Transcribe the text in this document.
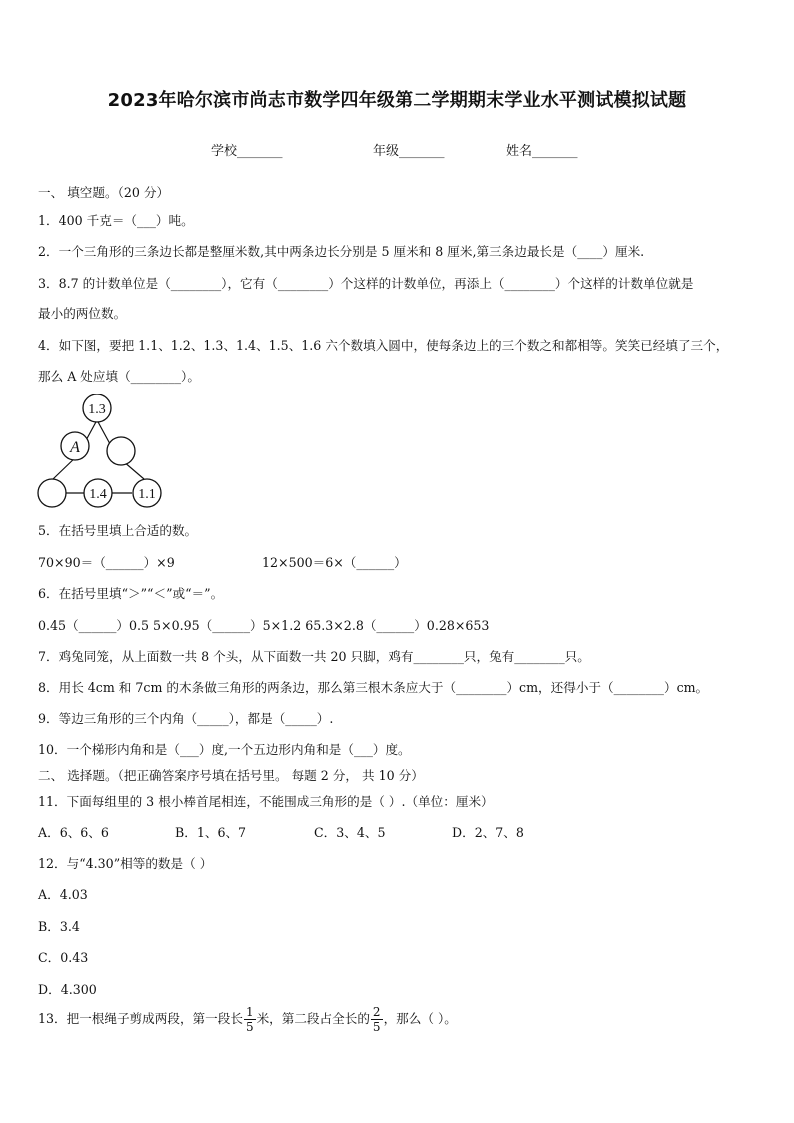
2023年哈尔滨市尚志市数学四年级第二学期期末学业水平测试模拟试题
学校_______	年级_______	姓名_______
一、 填空题。（20 分）
1．400 千克＝（___）吨。
2．一个三角形的三条边长都是整厘米数,其中两条边长分别是 5 厘米和 8 厘米,第三条边最长是（____）厘米.
3．8.7 的计数单位是（________），它有（________）个这样的计数单位，再添上（________）个这样的计数单位就是
最小的两位数。
4．如下图，要把 1.1、1.2、1.3、1.4、1.5、1.6 六个数填入圆中，使每条边上的三个数之和都相等。笑笑已经填了三个，
那么 A 处应填（________）。
1.3
A
1.4 1.1
5．在括号里填上合适的数。
70×90＝（______）×9	12×500＝6×（______）
6．在括号里填“＞”“＜”或“＝”。
0.45（______）0.5 5×0.95（______）5×1.2 65.3×2.8（______）0.28×653
7．鸡兔同笼，从上面数一共 8 个头，从下面数一共 20 只脚，鸡有________只，兔有________只。
8．用长 4cm 和 7cm 的木条做三角形的两条边，那么第三根木条应大于（________）cm，还得小于（________）cm。
9．等边三角形的三个内角（_____），都是（_____）.
10．一个梯形内角和是（___）度,一个五边形内角和是（___）度。
二、 选择题。（把正确答案序号填在括号里。 每题 2 分， 共 10 分）
11．下面每组里的 3 根小棒首尾相连，不能围成三角形的是（ ）.（单位：厘米）
A．6、6、6	B．1、6、7	C．3、4、5	D．2、7、8
12．与“4.30”相等的数是（ ）
A．4.03
B．3.4
C．0.43
D．4.300
13．把一根绳子剪成两段，第一段长 $\frac{1}{5}$ 米，第二段占全长的 $\frac{2}{5}$ ，那么（ ）。
